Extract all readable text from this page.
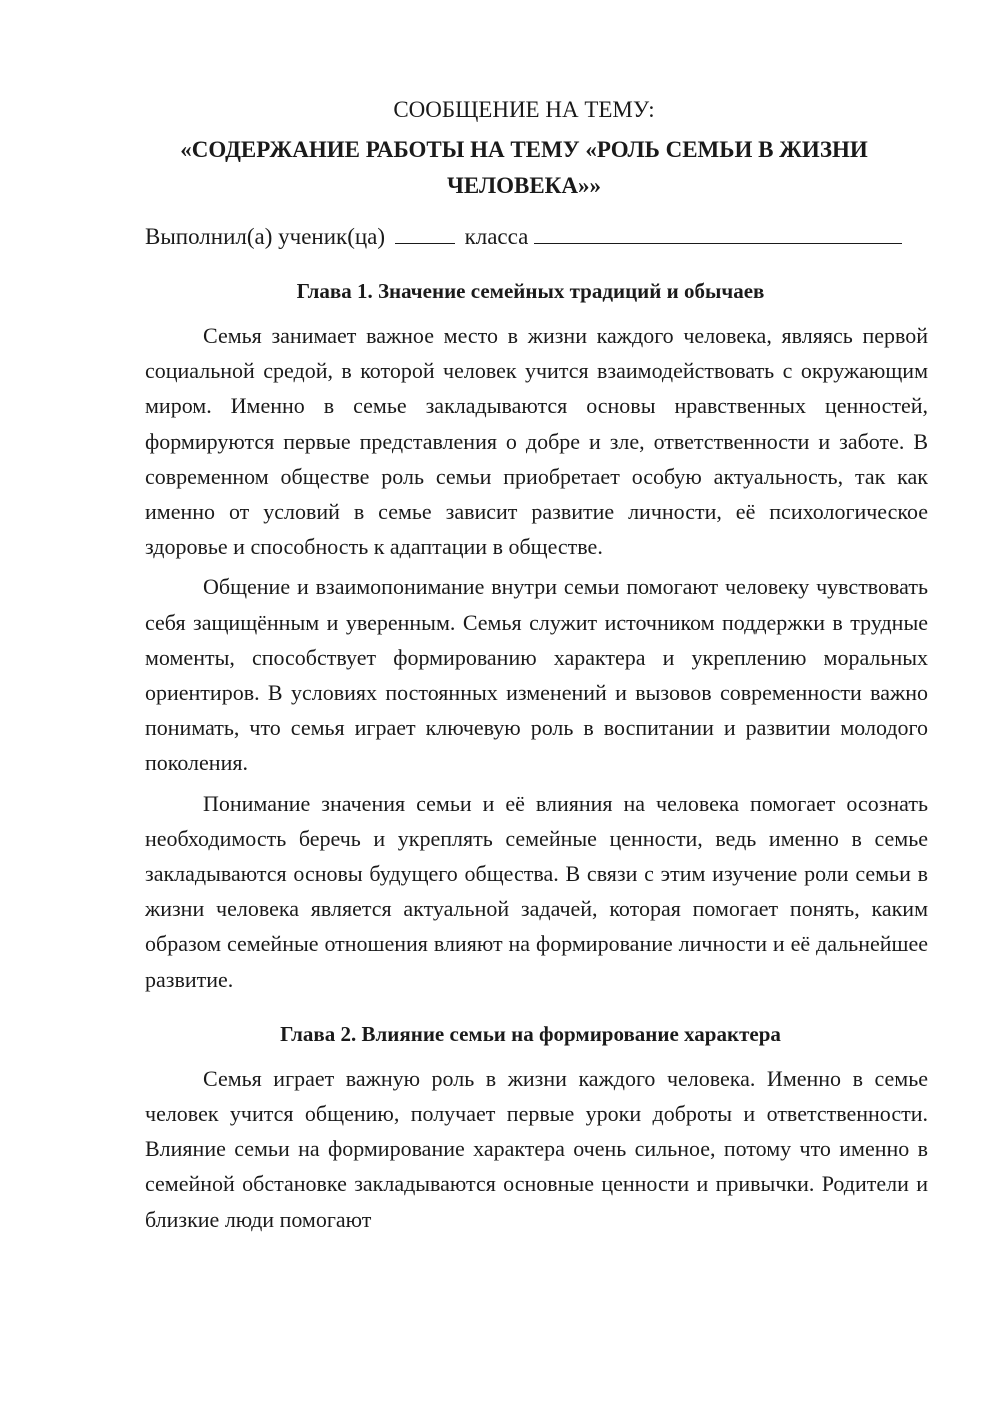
СООБЩЕНИЕ НА ТЕМУ:

«СОДЕРЖАНИЕ РАБОТЫ НА ТЕМУ «РОЛЬ СЕМЬИ В ЖИЗНИ ЧЕЛОВЕКА»»

Выполнил(а) ученик(ца)	класса

Глава 1. Значение семейных традиций и обычаев

Семья занимает важное место в жизни каждого человека, являясь первой социальной средой, в которой человек учится взаимодействовать с окружающим миром. Именно в семье закладываются основы нравственных ценностей, формируются первые представления о добре и зле, ответственности и заботе. В современном обществе роль семьи приобретает особую актуальность, так как именно от условий в семье зависит развитие личности, её психологическое здоровье и способность к адаптации в обществе.

Общение и взаимопонимание внутри семьи помогают человеку чувствовать себя защищённым и уверенным. Семья служит источником поддержки в трудные моменты, способствует формированию характера и укреплению моральных ориентиров. В условиях постоянных изменений и вызовов современности важно понимать, что семья играет ключевую роль в воспитании и развитии молодого поколения.

Понимание значения семьи и её влияния на человека помогает осознать необходимость беречь и укреплять семейные ценности, ведь именно в семье закладываются основы будущего общества. В связи с этим изучение роли семьи в жизни человека является актуальной задачей, которая помогает понять, каким образом семейные отношения влияют на формирование личности и её дальнейшее развитие.

Глава 2. Влияние семьи на формирование характера

Семья играет важную роль в жизни каждого человека. Именно в семье человек учится общению, получает первые уроки доброты и ответственности. Влияние семьи на формирование характера очень сильное, потому что именно в семейной обстановке закладываются основные ценности и привычки. Родители и близкие люди помогают
